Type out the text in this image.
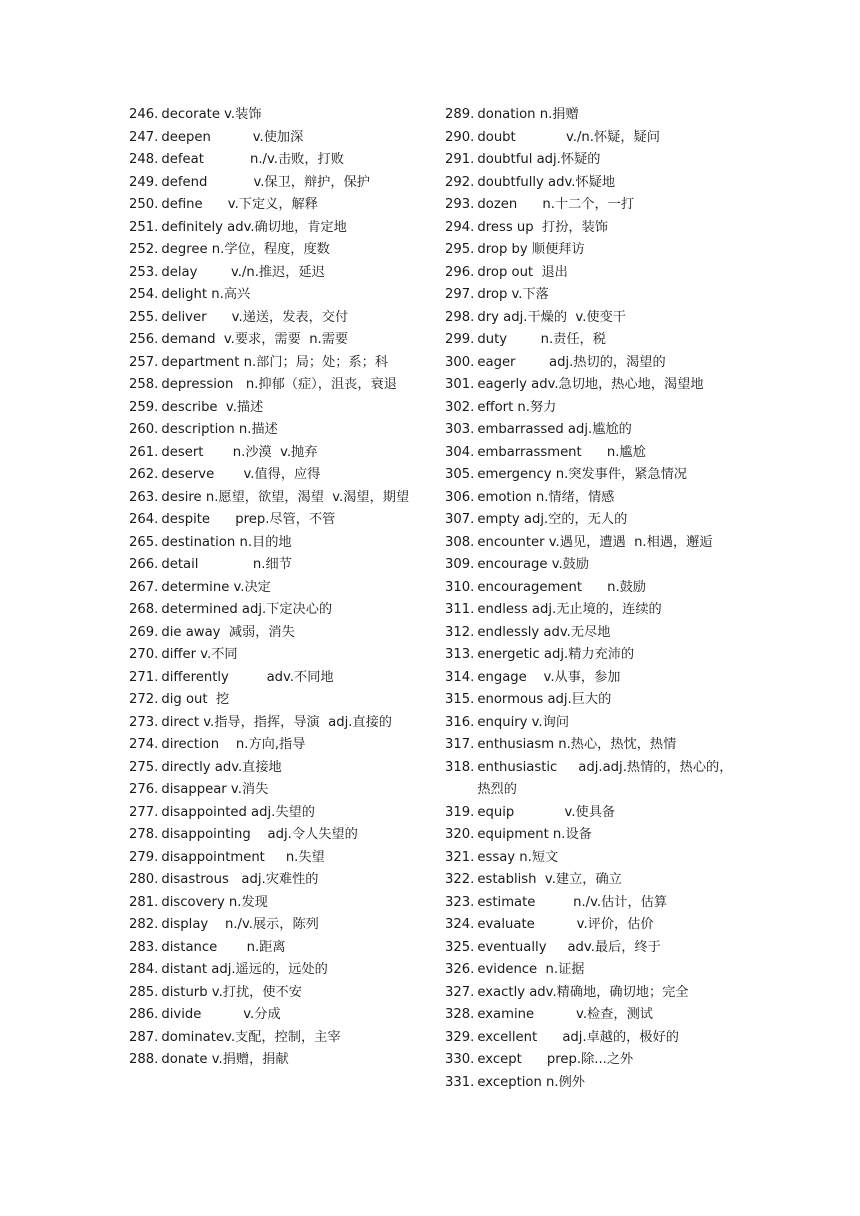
246. decorate v.装饰
247. deepen          v.使加深
248. defeat           n./v.击败，打败
249. defend           v.保卫，辩护，保护
250. define      v.下定义，解释
251. definitely adv.确切地，肯定地
252. degree n.学位，程度，度数
253. delay        v./n.推迟，延迟
254. delight n.高兴
255. deliver      v.递送，发表，交付
256. demand  v.要求，需要  n.需要
257. department n.部门；局；处；系；科
258. depression   n.抑郁（症），沮丧，衰退
259. describe  v.描述
260. description n.描述
261. desert       n.沙漠  v.抛弃
262. deserve       v.值得，应得
263. desire n.愿望，欲望，渴望  v.渴望，期望
264. despite      prep.尽管，不管
265. destination n.目的地
266. detail             n.细节
267. determine v.决定
268. determined adj.下定决心的
269. die away  减弱，消失
270. differ v.不同
271. differently         adv.不同地
272. dig out  挖
273. direct v.指导，指挥，导演  adj.直接的
274. direction    n.方向,指导
275. directly adv.直接地
276. disappear v.消失
277. disappointed adj.失望的
278. disappointing    adj.令人失望的
279. disappointment     n.失望
280. disastrous   adj.灾难性的
281. discovery n.发现
282. display    n./v.展示，陈列
283. distance       n.距离
284. distant adj.遥远的，远处的
285. disturb v.打扰，使不安
286. divide          v.分成
287. dominatev.支配，控制，主宰
288. donate v.捐赠，捐献
289. donation n.捐赠
290. doubt            v./n.怀疑，疑问
291. doubtful adj.怀疑的
292. doubtfully adv.怀疑地
293. dozen      n.十二个，一打
294. dress up  打扮，装饰
295. drop by 顺便拜访
296. drop out  退出
297. drop v.下落
298. dry adj.干燥的  v.使变干
299. duty        n.责任，税
300. eager        adj.热切的，渴望的
301. eagerly adv.急切地，热心地，渴望地
302. effort n.努力
303. embarrassed adj.尴尬的
304. embarrassment      n.尴尬
305. emergency n.突发事件，紧急情况
306. emotion n.情绪，情感
307. empty adj.空的，无人的
308. encounter v.遇见，遭遇  n.相遇，邂逅
309. encourage v.鼓励
310. encouragement      n.鼓励
311. endless adj.无止境的，连续的
312. endlessly adv.无尽地
313. energetic adj.精力充沛的
314. engage    v.从事，参加
315. enormous adj.巨大的
316. enquiry v.询问
317. enthusiasm n.热心，热忱，热情
318. enthusiastic     adj.adj.热情的，热心的，热烈的
319. equip            v.使具备
320. equipment n.设备
321. essay n.短文
322. establish  v.建立，确立
323. estimate         n./v.估计，估算
324. evaluate          v.评价，估价
325. eventually     adv.最后，终于
326. evidence  n.证据
327. exactly adv.精确地，确切地；完全
328. examine          v.检查，测试
329. excellent      adj.卓越的，极好的
330. except      prep.除...之外
331. exception n.例外
